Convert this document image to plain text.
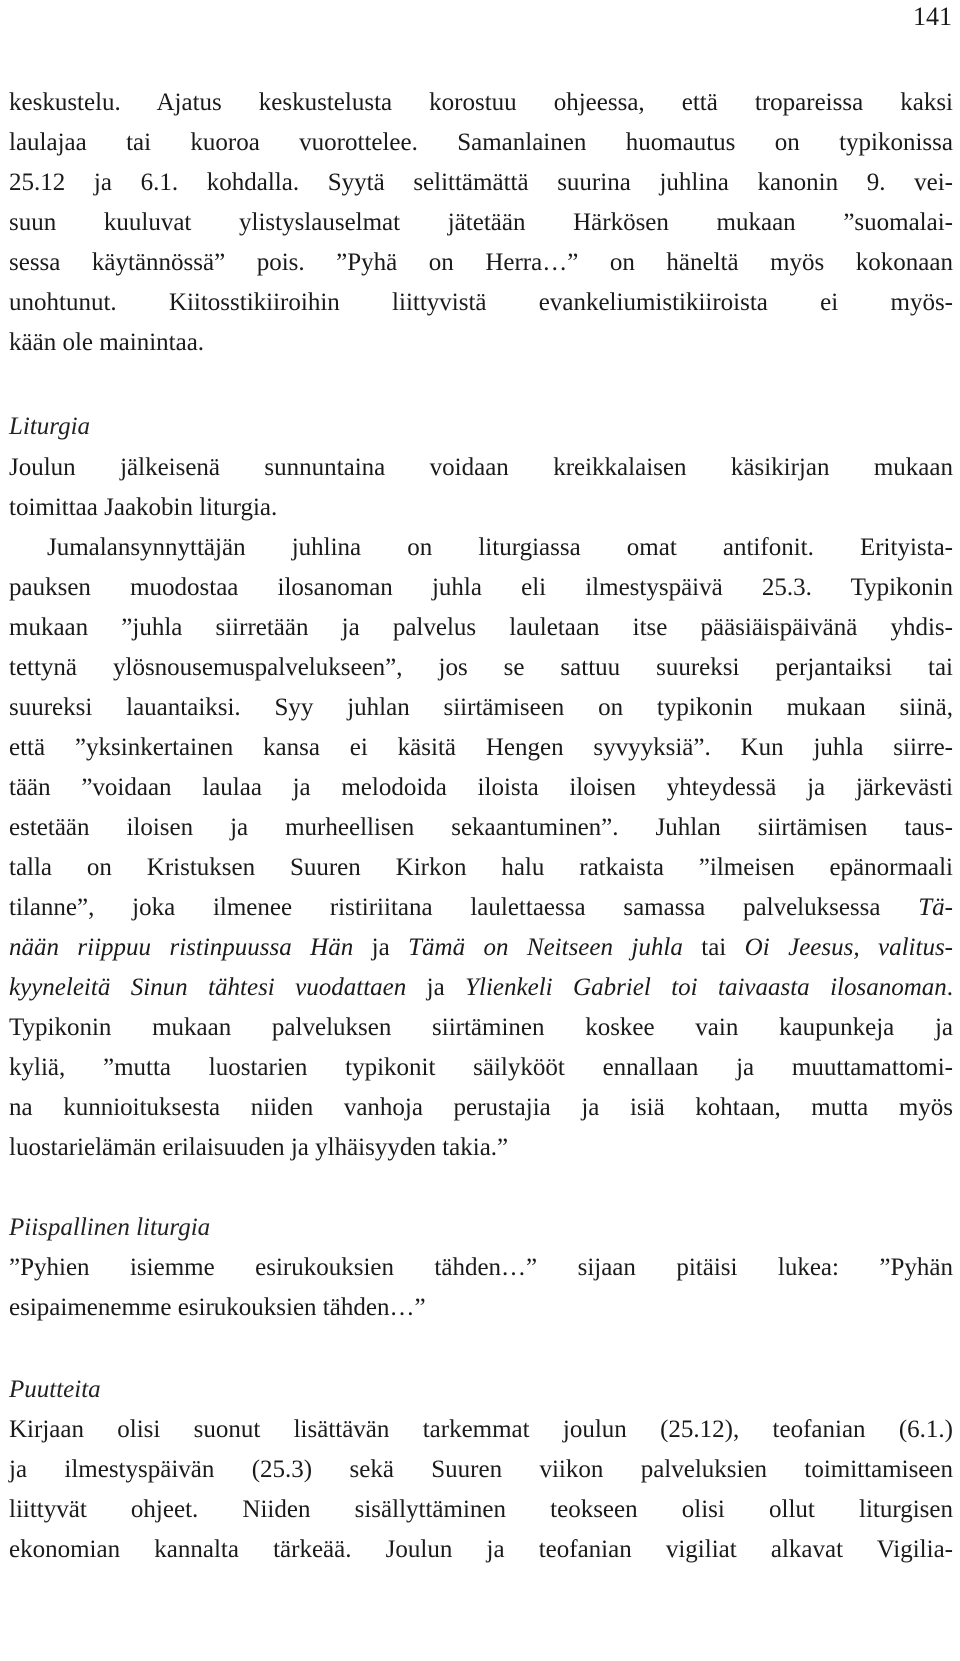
141
keskustelu. Ajatus keskustelusta korostuu ohjeessa, että tropareissa kaksi
laulajaa tai kuoroa vuorottelee. Samanlainen huomautus on typikonissa
25.12 ja 6.1. kohdalla. Syytä selittämättä suurina juhlina kanonin 9. vei-
suun kuuluvat ylistyslauselmat jätetään Härkösen mukaan ”suomalai-
sessa käytännössä” pois. ”Pyhä on Herra…” on häneltä myös kokonaan
unohtunut. Kiitosstikiiroihin liittyvistä evankeliumistikiiroista ei myös-
kään ole mainintaa.
Liturgia
Joulun jälkeisenä sunnuntaina voidaan kreikkalaisen käsikirjan mukaan
toimittaa Jaakobin liturgia.
Jumalansynnyttäjän juhlina on liturgiassa omat antifonit. Erityista-
pauksen muodostaa ilosanoman juhla eli ilmestyspäivä 25.3. Typikonin
mukaan ”juhla siirretään ja palvelus lauletaan itse pääsiäispäivänä yhdis-
tettynä ylösnousemuspalvelukseen”, jos se sattuu suureksi perjantaiksi tai
suureksi lauantaiksi. Syy juhlan siirtämiseen on typikonin mukaan siinä,
että ”yksinkertainen kansa ei käsitä Hengen syvyyksiä”. Kun juhla siirre-
tään ”voidaan laulaa ja melodoida iloista iloisen yhteydessä ja järkevästi
estetään iloisen ja murheellisen sekaantuminen”. Juhlan siirtämisen taus-
talla on Kristuksen Suuren Kirkon halu ratkaista ”ilmeisen epänormaali
tilanne”, joka ilmenee ristiriitana laulettaessa samassa palveluksessa Tä-
nään riippuu ristinpuussa Hän ja Tämä on Neitseen juhla tai Oi Jeesus, valitus-
kyyneleitä Sinun tähtesi vuodattaen ja Ylienkeli Gabriel toi taivaasta ilosanoman.
Typikonin mukaan palveluksen siirtäminen koskee vain kaupunkeja ja
kyliä, ”mutta luostarien typikonit säilykööt ennallaan ja muuttamattomi-
na kunnioituksesta niiden vanhoja perustajia ja isiä kohtaan, mutta myös
luostarielämän erilaisuuden ja ylhäisyyden takia.”
Piispallinen liturgia
”Pyhien isiemme esirukouksien tähden…” sijaan pitäisi lukea: ”Pyhän
esipaimenemme esirukouksien tähden…”
Puutteita
Kirjaan olisi suonut lisättävän tarkemmat joulun (25.12), teofanian (6.1.)
ja ilmestyspäivän (25.3) sekä Suuren viikon palveluksien toimittamiseen
liittyvät ohjeet. Niiden sisällyttäminen teokseen olisi ollut liturgisen
ekonomian kannalta tärkeää. Joulun ja teofanian vigiliat alkavat Vigilia-
